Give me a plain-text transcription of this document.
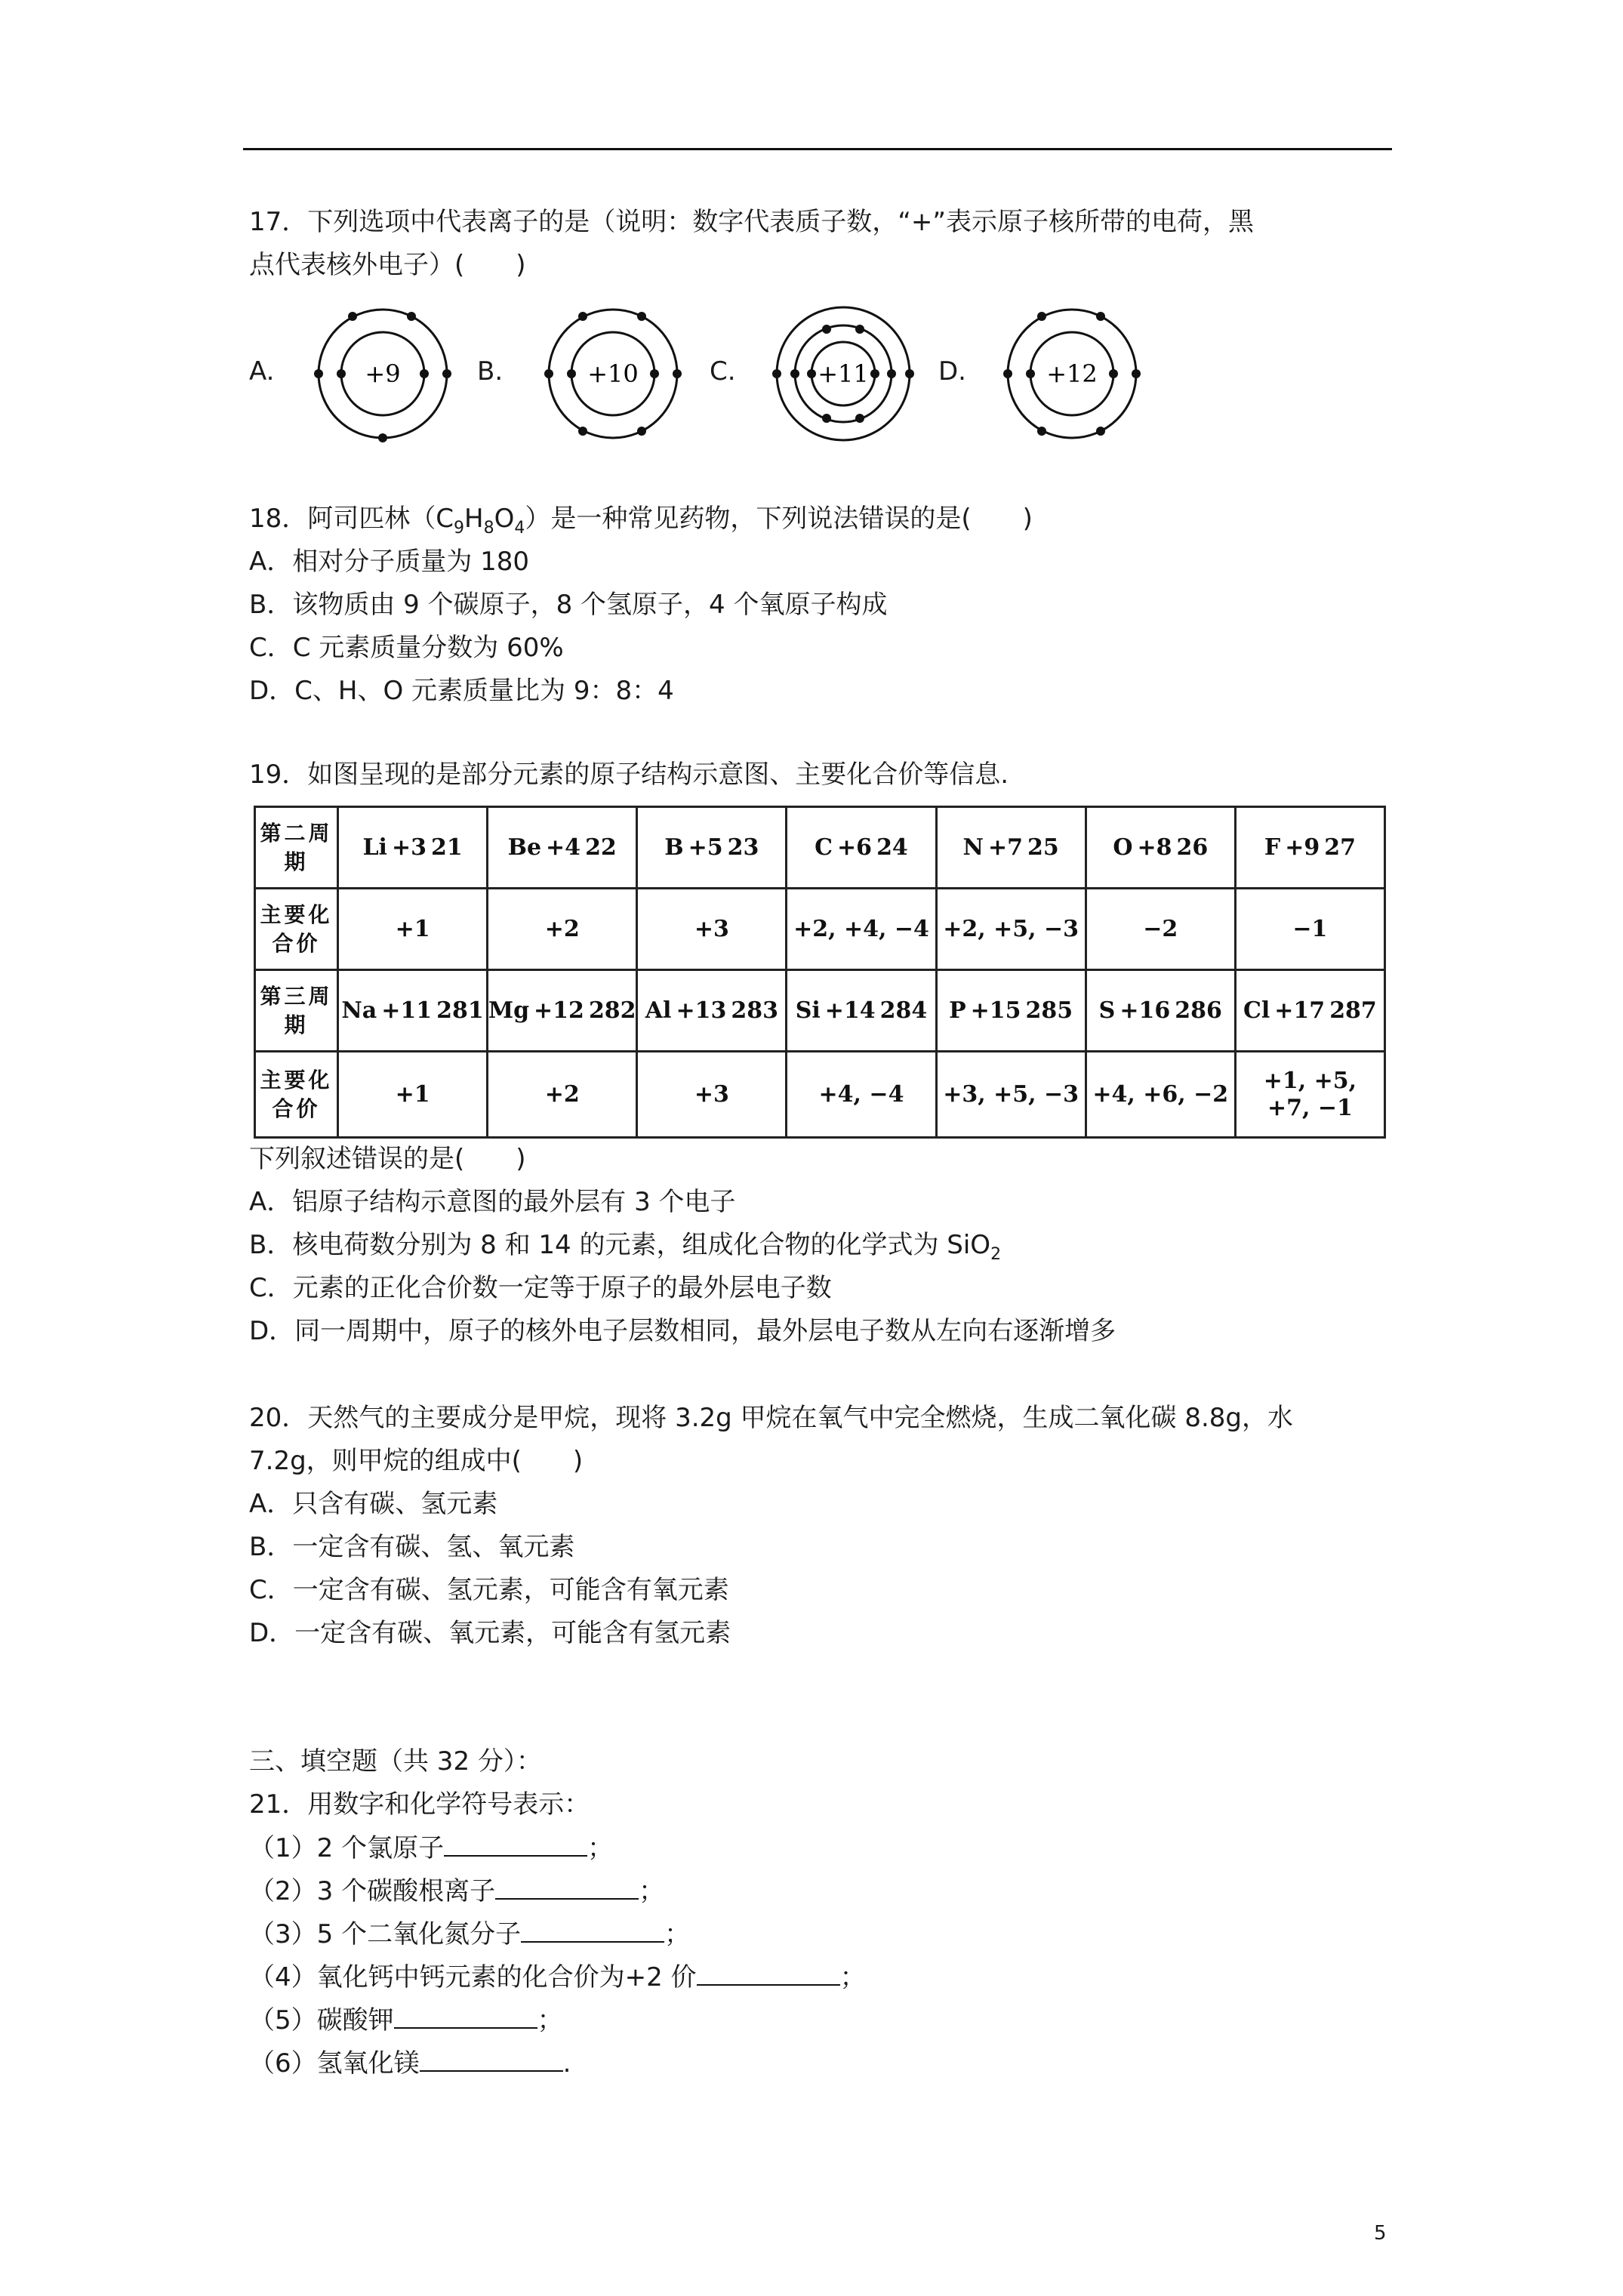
17．下列选项中代表离子的是（说明：数字代表质子数，“+”表示原子核所带的电荷，黑
点代表核外电子）(　　)
A.	+9	B.	+10	C.	+11	D.	+12
18．阿司匹林$(C_9H_8O_4)$是一种常见药物，下列说法错误的是(　　)
A．相对分子质量为 180
B．该物质由 9 个碳原子，8 个氢原子，4 个氧原子构成
C．C 元素质量分数为 60%
D．C、H、O 元素质量比为 9：8：4
19．如图呈现的是部分元素的原子结构示意图、主要化合价等信息.
第二周期	Li +3 21	Be +4 22	B +5 23	C +6 24	N +7 25	O +8 26	F +9 27

主要化合价	+1	+2	+3	+2, +4, −4	+2, +5, −3	−2	−1
第三周期	Na +11 281	Mg +12 282	Al +13 283	Si +14 284	P +15 285	S +16 286	Cl +17 287

主要化合价	+1	+2	+3	+4, −4	+3, +5, −3	+4, +6, −2	+1, +5,
+7, −1
下列叙述错误的是(　　)
A．铝原子结构示意图的最外层有 3 个电子
B．核电荷数分别为 8 和 14 的元素，组成化合物的化学式为 SiO$_2$
C．元素的正化合价数一定等于原子的最外层电子数
D．同一周期中，原子的核外电子层数相同，最外层电子数从左向右逐渐增多
20．天然气的主要成分是甲烷，现将 3.2g 甲烷在氧气中完全燃烧，生成二氧化碳 8.8g，水
7.2g，则甲烷的组成中(　　)
A．只含有碳、氢元素
B．一定含有碳、氢、氧元素
C．一定含有碳、氢元素，可能含有氧元素
D．一定含有碳、氧元素，可能含有氢元素
三、填空题（共 32 分）：
21．用数字和化学符号表示：
（1）2 个氯原子	；
（2）3 个碳酸根离子	；
（3）5 个二氧化氮分子	；
（4）氧化钙中钙元素的化合价为+2 价	；
（5）碳酸钾	；
（6）氢氧化镁	.
5
